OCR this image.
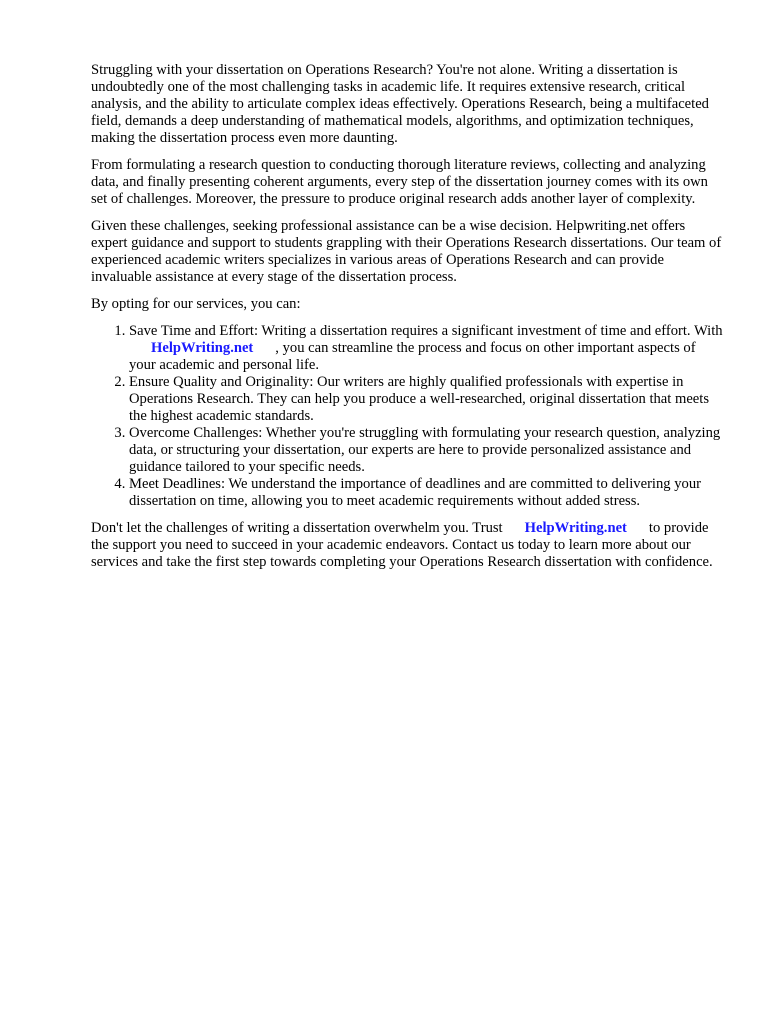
Struggling with your dissertation on Operations Research? You're not alone. Writing a dissertation is undoubtedly one of the most challenging tasks in academic life. It requires extensive research, critical analysis, and the ability to articulate complex ideas effectively. Operations Research, being a multifaceted field, demands a deep understanding of mathematical models, algorithms, and optimization techniques, making the dissertation process even more daunting.

From formulating a research question to conducting thorough literature reviews, collecting and analyzing data, and finally presenting coherent arguments, every step of the dissertation journey comes with its own set of challenges. Moreover, the pressure to produce original research adds another layer of complexity.

Given these challenges, seeking professional assistance can be a wise decision. Helpwriting.net offers expert guidance and support to students grappling with their Operations Research dissertations. Our team of experienced academic writers specializes in various areas of Operations Research and can provide invaluable assistance at every stage of the dissertation process.

By opting for our services, you can:

1. Save Time and Effort: Writing a dissertation requires a significant investment of time and effort. WithHelpWriting.net , you can streamline the process and focus on other important aspects of your academic and personal life.
2. Ensure Quality and Originality: Our writers are highly qualified professionals with expertise in Operations Research. They can help you produce a well-researched, original dissertation that meets the highest academic standards.
3. Overcome Challenges: Whether you're struggling with formulating your research question, analyzing data, or structuring your dissertation, our experts are here to provide personalized assistance and guidance tailored to your specific needs.
4. Meet Deadlines: We understand the importance of deadlines and are committed to delivering your dissertation on time, allowing you to meet academic requirements without added stress.

Don't let the challenges of writing a dissertation overwhelm you. Trust HelpWriting.net to provide the support you need to succeed in your academic endeavors. Contact us today to learn more about our services and take the first step towards completing your Operations Research dissertation with confidence.
